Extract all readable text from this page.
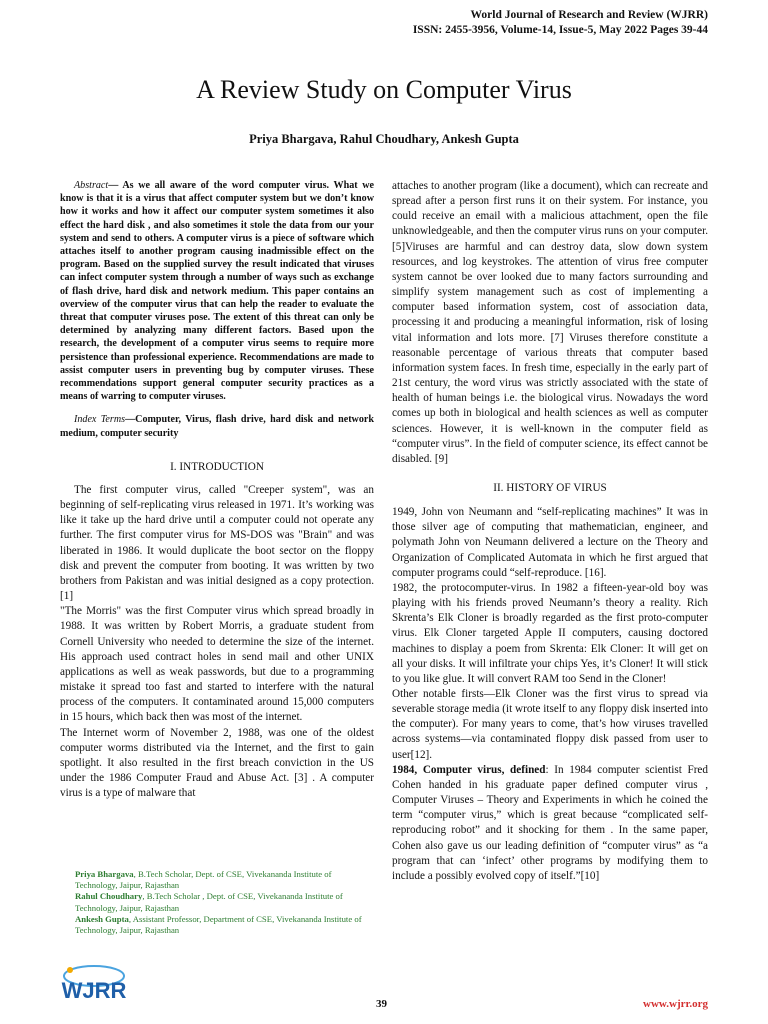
World Journal of Research and Review (WJRR)
ISSN: 2455-3956, Volume-14, Issue-5, May 2022 Pages 39-44
A Review Study on Computer Virus
Priya Bhargava, Rahul Choudhary, Ankesh Gupta

Abstract— As we all aware of the word computer virus. What we know is that it is a virus that affect computer system but we don’t know how it works and how it affect our computer system sometimes it also effect the hard disk , and also sometimes it stole the data from our your system and send to others. A computer virus is a piece of software which attaches itself to another program causing inadmissible effect on the program. Based on the supplied survey the result indicated that viruses can infect computer system through a number of ways such as exchange of flash drive, hard disk and network medium. This paper contains an overview of the computer virus that can help the reader to evaluate the threat that computer viruses pose. The extent of this threat can only be determined by analyzing many different factors. Based upon the research, the development of a computer virus seems to require more persistence than professional experience. Recommendations are made to assist computer users in preventing bug by computer viruses. These recommendations support general computer security practices as a means of warring to computer viruses.

Index Terms—Computer, Virus, flash drive, hard disk and network medium, computer security

I. INTRODUCTION

The first computer virus, called "Creeper system", was an beginning of self-replicating virus released in 1971. It’s working was like it take up the hard drive until a computer could not operate any further. The first computer virus for MS-DOS was "Brain" and was liberated in 1986. It would duplicate the boot sector on the floppy disk and prevent the computer from booting. It was written by two brothers from Pakistan and was initial designed as a copy protection. [1]

"The Morris" was the first Computer virus which spread broadly in 1988. It was written by Robert Morris, a graduate student from Cornell University who needed to determine the size of the internet. His approach used contract holes in send mail and other UNIX applications as well as weak passwords, but due to a programming mistake it spread too fast and started to interfere with the natural process of the computers. It contaminated around 15,000 computers in 15 hours, which back then was most of the internet.

The Internet worm of November 2, 1988, was one of the oldest computer worms distributed via the Internet, and the first to gain spotlight. It also resulted in the first breach conviction in the US under the 1986 Computer Fraud and Abuse Act. [3] . A computer virus is a type of malware that

attaches to another program (like a document), which can recreate and spread after a person first runs it on their system. For instance, you could receive an email with a malicious attachment, open the file unknowledgeable, and then the computer virus runs on your computer. [5]Viruses are harmful and can destroy data, slow down system resources, and log keystrokes. The attention of virus free computer system cannot be over looked due to many factors surrounding and simplify system management such as cost of implementing a computer based information system, cost of association data, processing it and producing a meaningful information, risk of losing vital information and lots more. [7] Viruses therefore constitute a reasonable percentage of various threats that computer based information system faces. In fresh time, especially in the early part of 21st century, the word virus was strictly associated with the state of health of human beings i.e. the biological virus. Nowadays the word comes up both in biological and health sciences as well as computer sciences. However, it is well-known in the computer field as “computer virus”. In the field of computer science, its effect cannot be disabled. [9]

II. HISTORY OF VIRUS

1949, John von Neumann and “self-replicating machines” It was in those silver age of computing that mathematician, engineer, and polymath John von Neumann delivered a lecture on the Theory and Organization of Complicated Automata in which he first argued that computer programs could “self-reproduce. [16].

1982, the protocomputer-virus. In 1982 a fifteen-year-old boy was playing with his friends proved Neumann’s theory a reality. Rich Skrenta’s Elk Cloner is broadly regarded as the first proto-computer virus. Elk Cloner targeted Apple II computers, causing doctored machines to display a poem from Skrenta: Elk Cloner: It will get on all your disks. It will infiltrate your chips Yes, it’s Cloner! It will stick to you like glue. It will convert RAM too Send in the Cloner!

Other notable firsts—Elk Cloner was the first virus to spread via severable storage media (it wrote itself to any floppy disk inserted into the computer). For many years to come, that’s how viruses travelled across systems—via contaminated floppy disk passed from user to user[12].

1984, Computer virus, defined: In 1984 computer scientist Fred Cohen handed in his graduate paper defined computer virus , Computer Viruses – Theory and Experiments in which he coined the term “computer virus,” which is great because “complicated self-reproducing robot” and it shocking for them . In the same paper, Cohen also gave us our leading definition of “computer virus” as “a program that can ‘infect’ other programs by modifying them to include a possibly evolved copy of itself.”[10]

Priya Bhargava, B.Tech Scholar, Dept. of CSE, Vivekananda Institute of Technology, Jaipur, Rajasthan
Rahul Choudhary, B.Tech Scholar , Dept. of CSE, Vivekananda Institute of Technology, Jaipur, Rajasthan
Ankesh Gupta, Assistant Professor, Department of CSE, Vivekananda Institute of Technology, Jaipur, Rajasthan
WJRR
39	www.wjrr.org
